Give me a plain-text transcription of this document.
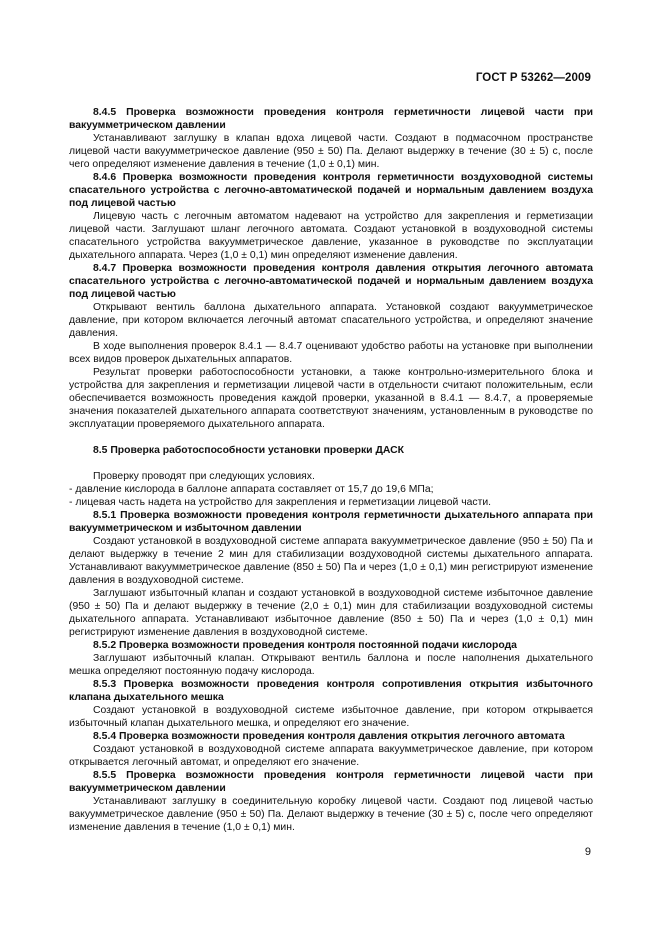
ГОСТ Р 53262—2009

8.4.5 Проверка возможности проведения контроля герметичности лицевой части при вакуумметрическом давлении

Устанавливают заглушку в клапан вдоха лицевой части. Создают в подмасочном пространстве лицевой части вакуумметрическое давление (950 ± 50) Па. Делают выдержку в течение (30 ± 5) с, после чего определяют изменение давления в течение (1,0 ± 0,1) мин.

8.4.6 Проверка возможности проведения контроля герметичности воздуховодной системы спасательного устройства с легочно-автоматической подачей и нормальным давлением воздуха под лицевой частью

Лицевую часть с легочным автоматом надевают на устройство для закрепления и герметизации лицевой части. Заглушают шланг легочного автомата. Создают установкой в воздуховодной системы спасательного устройства вакуумметрическое давление, указанное в руководстве по эксплуатации дыхательного аппарата. Через (1,0 ± 0,1) мин определяют изменение давления.

8.4.7 Проверка возможности проведения контроля давления открытия легочного автомата спасательного устройства с легочно-автоматической подачей и нормальным давлением воздуха под лицевой частью

Открывают вентиль баллона дыхательного аппарата. Установкой создают вакуумметрическое давление, при котором включается легочный автомат спасательного устройства, и определяют значение давления.

В ходе выполнения проверок 8.4.1 — 8.4.7 оценивают удобство работы на установке при выполнении всех видов проверок дыхательных аппаратов.

Результат проверки работоспособности установки, а также контрольно-измерительного блока и устройства для закрепления и герметизации лицевой части в отдельности считают положительным, если обеспечивается возможность проведения каждой проверки, указанной в 8.4.1 — 8.4.7, а проверяемые значения показателей дыхательного аппарата соответствуют значениям, установленным в руководстве по эксплуатации проверяемого дыхательного аппарата.

8.5 Проверка работоспособности установки проверки ДАСК

Проверку проводят при следующих условиях.

- давление кислорода в баллоне аппарата составляет от 15,7 до 19,6 МПа;

- лицевая часть надета на устройство для закрепления и герметизации лицевой части.

8.5.1 Проверка возможности проведения контроля герметичности дыхательного аппарата при вакуумметрическом и избыточном давлении

Создают установкой в воздуховодной системе аппарата вакуумметрическое давление (950 ± 50) Па и делают выдержку в течение 2 мин для стабилизации воздуховодной системы дыхательного аппарата. Устанавливают вакуумметрическое давление (850 ± 50) Па и через (1,0 ± 0,1) мин регистрируют изменение давления в воздуховодной системе.

Заглушают избыточный клапан и создают установкой в воздуховодной системе избыточное давление (950 ± 50) Па и делают выдержку в течение (2,0 ± 0,1) мин для стабилизации воздуховодной системы дыхательного аппарата. Устанавливают избыточное давление (850 ± 50) Па и через (1,0 ± 0,1) мин регистрируют изменение давления в воздуховодной системе.

8.5.2 Проверка возможности проведения контроля постоянной подачи кислорода

Заглушают избыточный клапан. Открывают вентиль баллона и после наполнения дыхательного мешка определяют постоянную подачу кислорода.

8.5.3 Проверка возможности проведения контроля сопротивления открытия избыточного клапана дыхательного мешка

Создают установкой в воздуховодной системе избыточное давление, при котором открывается избыточный клапан дыхательного мешка, и определяют его значение.

8.5.4 Проверка возможности проведения контроля давления открытия легочного автомата

Создают установкой в воздуховодной системе аппарата вакуумметрическое давление, при котором открывается легочный автомат, и определяют его значение.

8.5.5 Проверка возможности проведения контроля герметичности лицевой части при вакуумметрическом давлении

Устанавливают заглушку в соединительную коробку лицевой части. Создают под лицевой частью вакуумметрическое давление (950 ± 50) Па. Делают выдержку в течение (30 ± 5) с, после чего определяют изменение давления в течение (1,0 ± 0,1) мин.

9
